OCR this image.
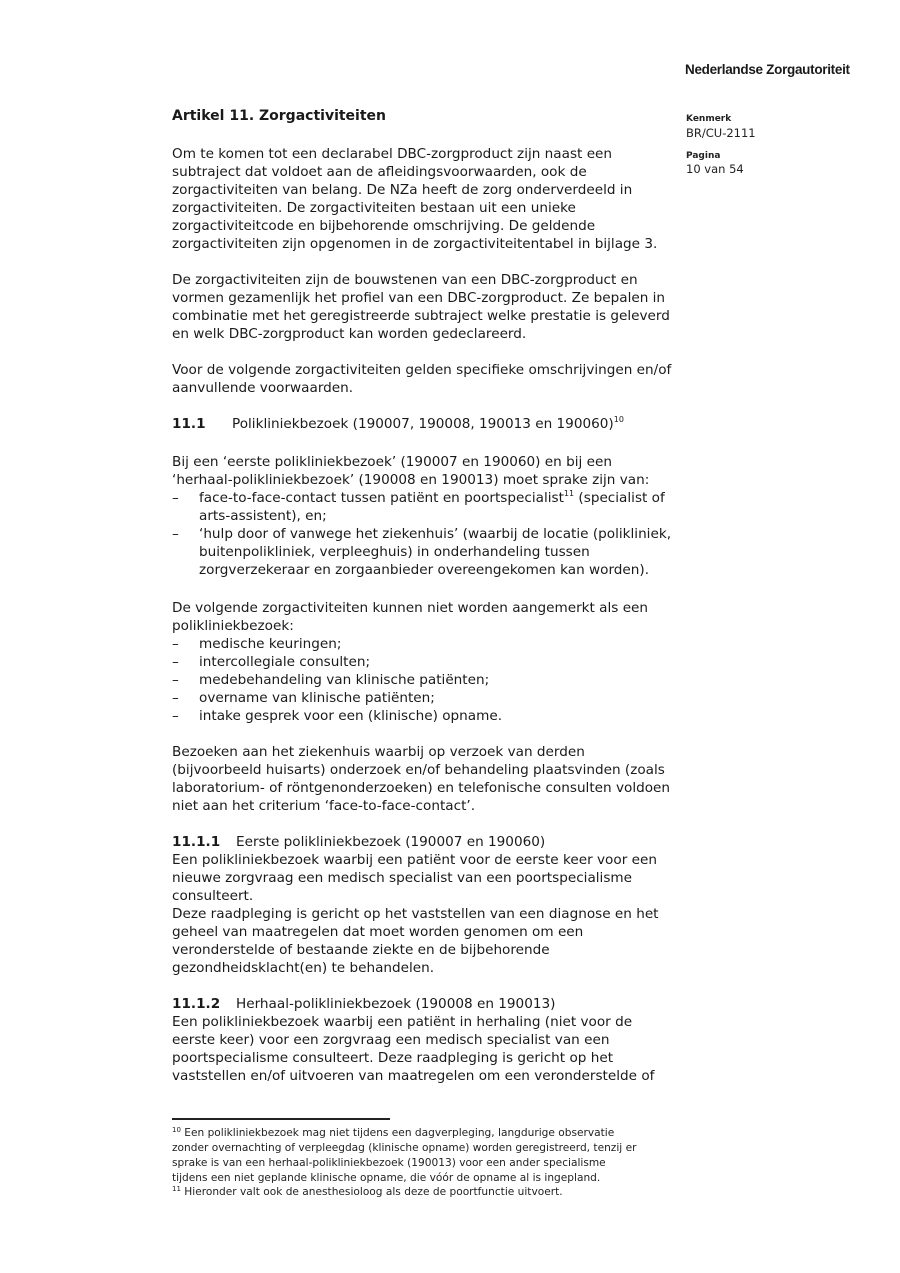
Nederlandse Zorgautoriteit
Kenmerk
BR/CU-2111
Pagina
10 van 54
Artikel 11. Zorgactiviteiten
Om te komen tot een declarabel DBC-zorgproduct zijn naast een
subtraject dat voldoet aan de afleidingsvoorwaarden, ook de
zorgactiviteiten van belang. De NZa heeft de zorg onderverdeeld in
zorgactiviteiten. De zorgactiviteiten bestaan uit een unieke
zorgactiviteitcode en bijbehorende omschrijving. De geldende
zorgactiviteiten zijn opgenomen in de zorgactiviteitentabel in bijlage 3.
De zorgactiviteiten zijn de bouwstenen van een DBC-zorgproduct en
vormen gezamenlijk het profiel van een DBC-zorgproduct. Ze bepalen in
combinatie met het geregistreerde subtraject welke prestatie is geleverd
en welk DBC-zorgproduct kan worden gedeclareerd.
Voor de volgende zorgactiviteiten gelden specifieke omschrijvingen en/of
aanvullende voorwaarden.
11.1 Polikliniekbezoek (190007, 190008, 190013 en 190060)$^{10}$
Bij een ‘eerste polikliniekbezoek’ (190007 en 190060) en bij een
‘herhaal-polikliniekbezoek’ (190008 en 190013) moet sprake zijn van:
– face-to-face-contact tussen patiënt en poortspecialist$^{11}$ (specialist of
arts-assistent), en;
– ‘hulp door of vanwege het ziekenhuis’ (waarbij de locatie (polikliniek,
buitenpolikliniek, verpleeghuis) in onderhandeling tussen
zorgverzekeraar en zorgaanbieder overeengekomen kan worden).
De volgende zorgactiviteiten kunnen niet worden aangemerkt als een
polikliniekbezoek:
– medische keuringen;
– intercollegiale consulten;
– medebehandeling van klinische patiënten;
– overname van klinische patiënten;
– intake gesprek voor een (klinische) opname.
Bezoeken aan het ziekenhuis waarbij op verzoek van derden
(bijvoorbeeld huisarts) onderzoek en/of behandeling plaatsvinden (zoals
laboratorium- of röntgenonderzoeken) en telefonische consulten voldoen
niet aan het criterium ‘face-to-face-contact’.
11.1.1 Eerste polikliniekbezoek (190007 en 190060)
Een polikliniekbezoek waarbij een patiënt voor de eerste keer voor een
nieuwe zorgvraag een medisch specialist van een poortspecialisme
consulteert.
Deze raadpleging is gericht op het vaststellen van een diagnose en het
geheel van maatregelen dat moet worden genomen om een
veronderstelde of bestaande ziekte en de bijbehorende
gezondheidsklacht(en) te behandelen.
11.1.2 Herhaal-polikliniekbezoek (190008 en 190013)
Een polikliniekbezoek waarbij een patiënt in herhaling (niet voor de
eerste keer) voor een zorgvraag een medisch specialist van een
poortspecialisme consulteert. Deze raadpleging is gericht op het
vaststellen en/of uitvoeren van maatregelen om een veronderstelde of
$^{10}$ Een polikliniekbezoek mag niet tijdens een dagverpleging, langdurige observatie
zonder overnachting of verpleegdag (klinische opname) worden geregistreerd, tenzij er
sprake is van een herhaal-polikliniekbezoek (190013) voor een ander specialisme
tijdens een niet geplande klinische opname, die vóór de opname al is ingepland.
$^{11}$ Hieronder valt ook de anesthesioloog als deze de poortfunctie uitvoert.
